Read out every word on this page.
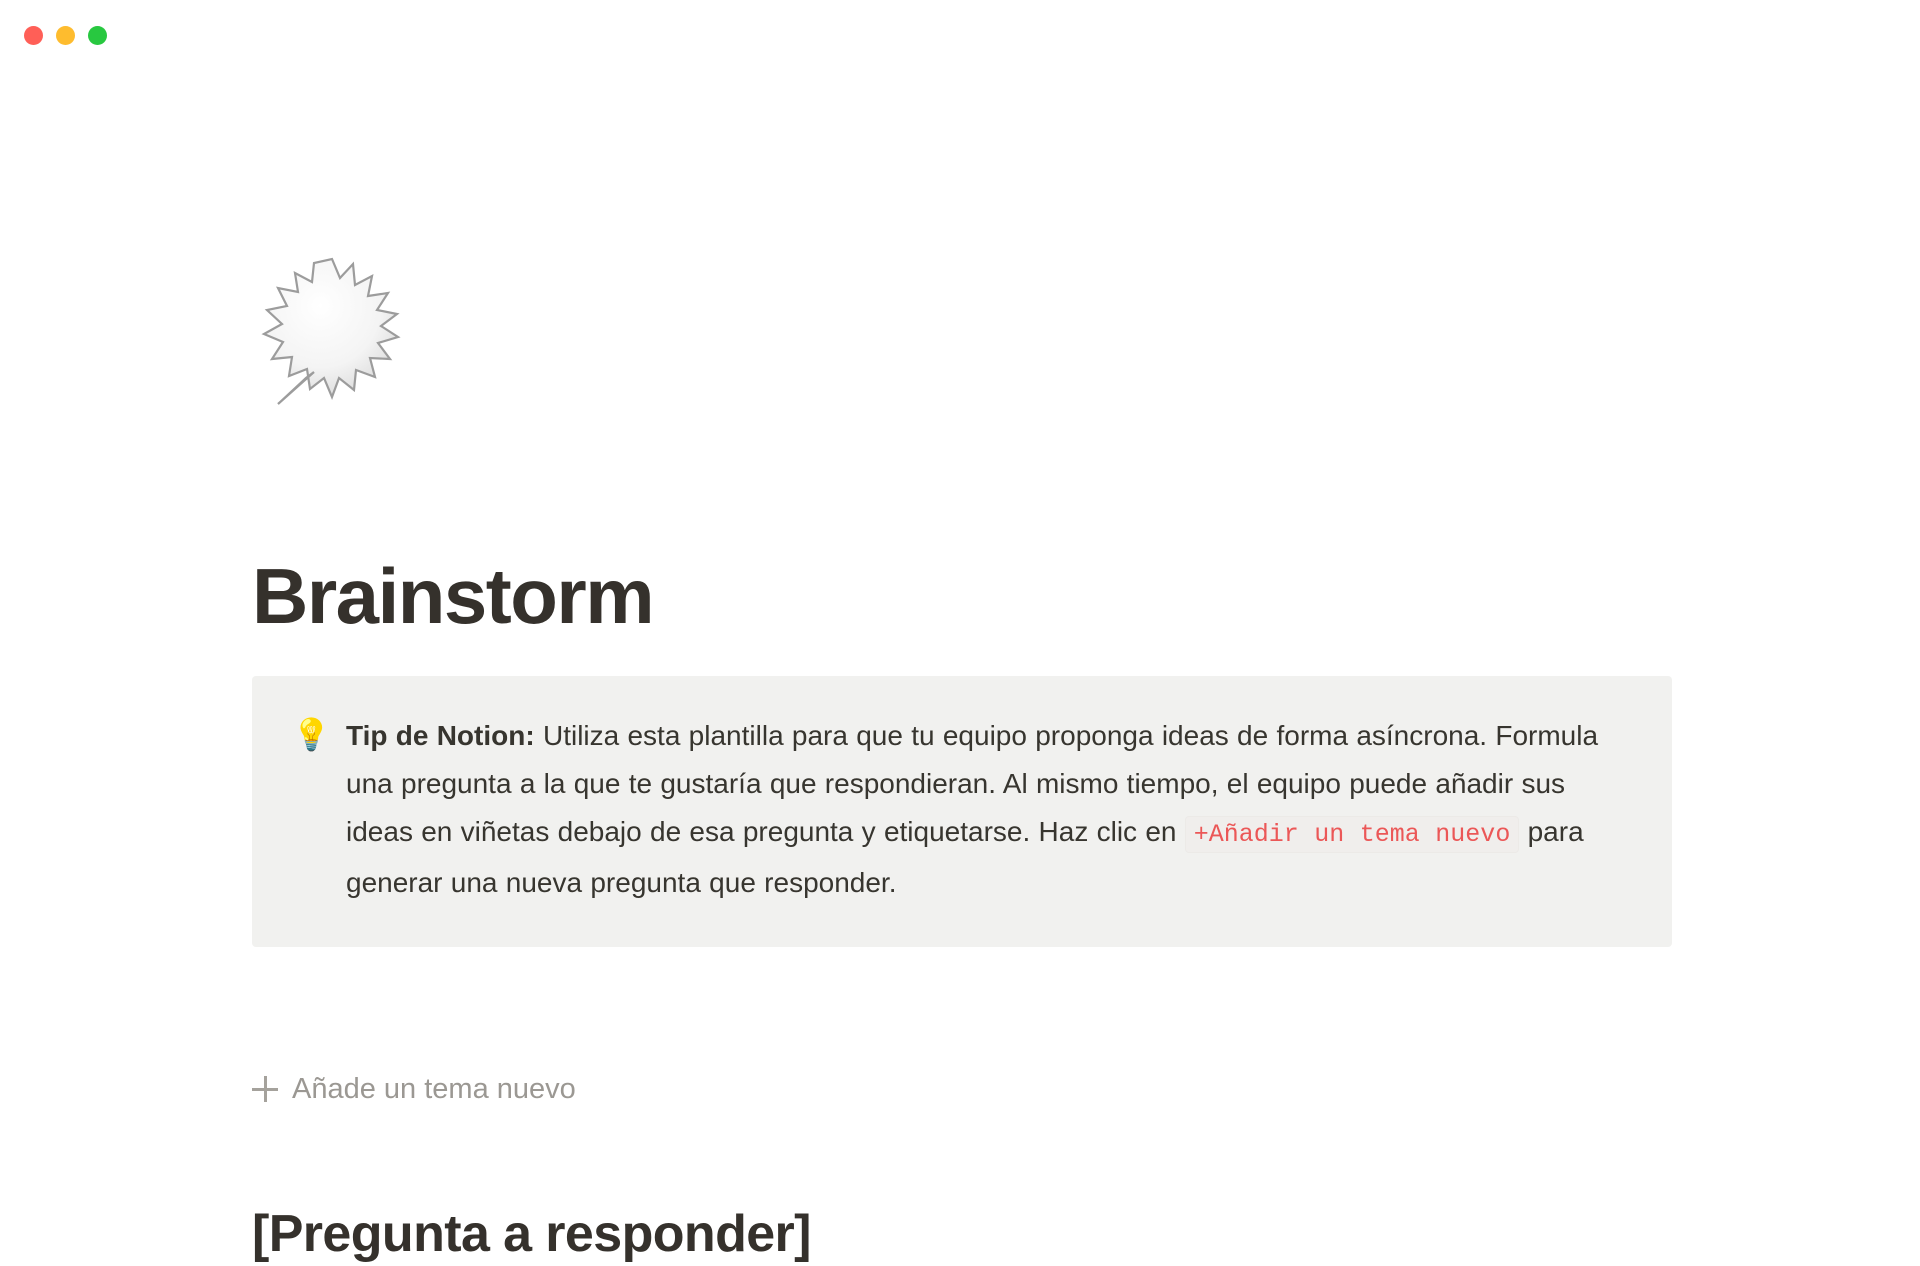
Brainstorm
💡 Tip de Notion: Utiliza esta plantilla para que tu equipo proponga ideas de forma asíncrona. Formula una pregunta a la que te gustaría que respondieran. Al mismo tiempo, el equipo puede añadir sus ideas en viñetas debajo de esa pregunta y etiquetarse. Haz clic en +Añadir un tema nuevo para generar una nueva pregunta que responder.
Añade un tema nuevo
[Pregunta a responder]
